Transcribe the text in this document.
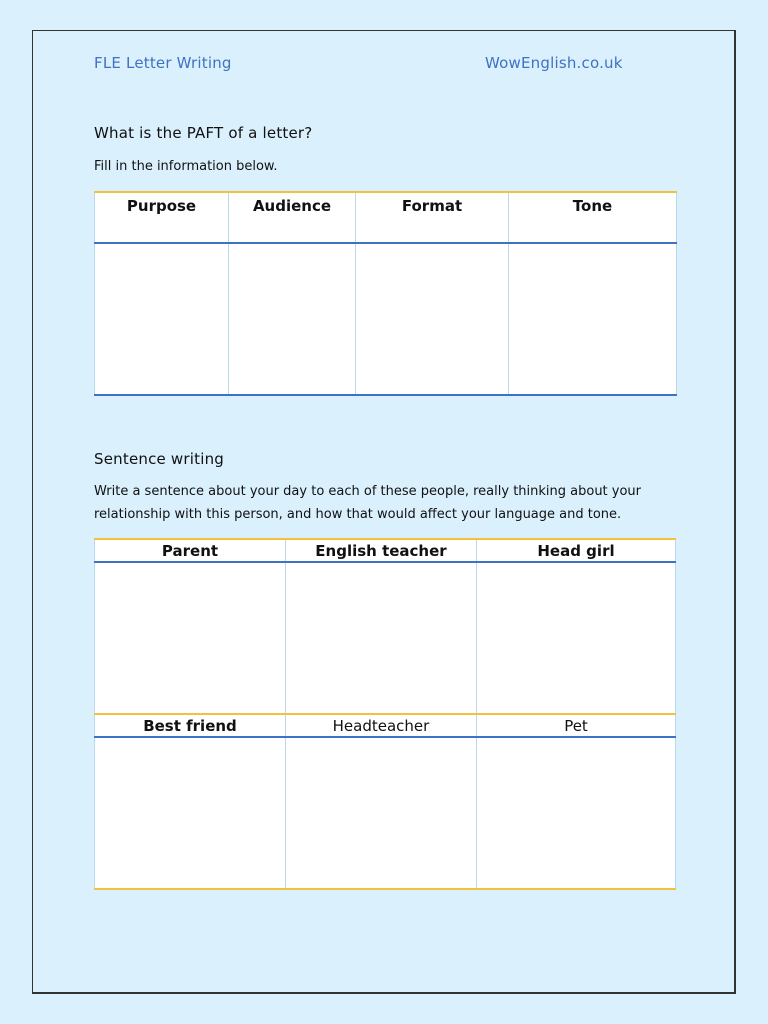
FLE Letter Writing	WowEnglish.co.uk
What is the PAFT of a letter?

Fill in the information below.

Purpose	Audience	Format	Tone

Sentence writing

Write a sentence about your day to each of these people, really thinking about your relationship with this person, and how that would affect your language and tone.

Parent	English teacher	Head girl

Best friend	Headteacher	Pet
